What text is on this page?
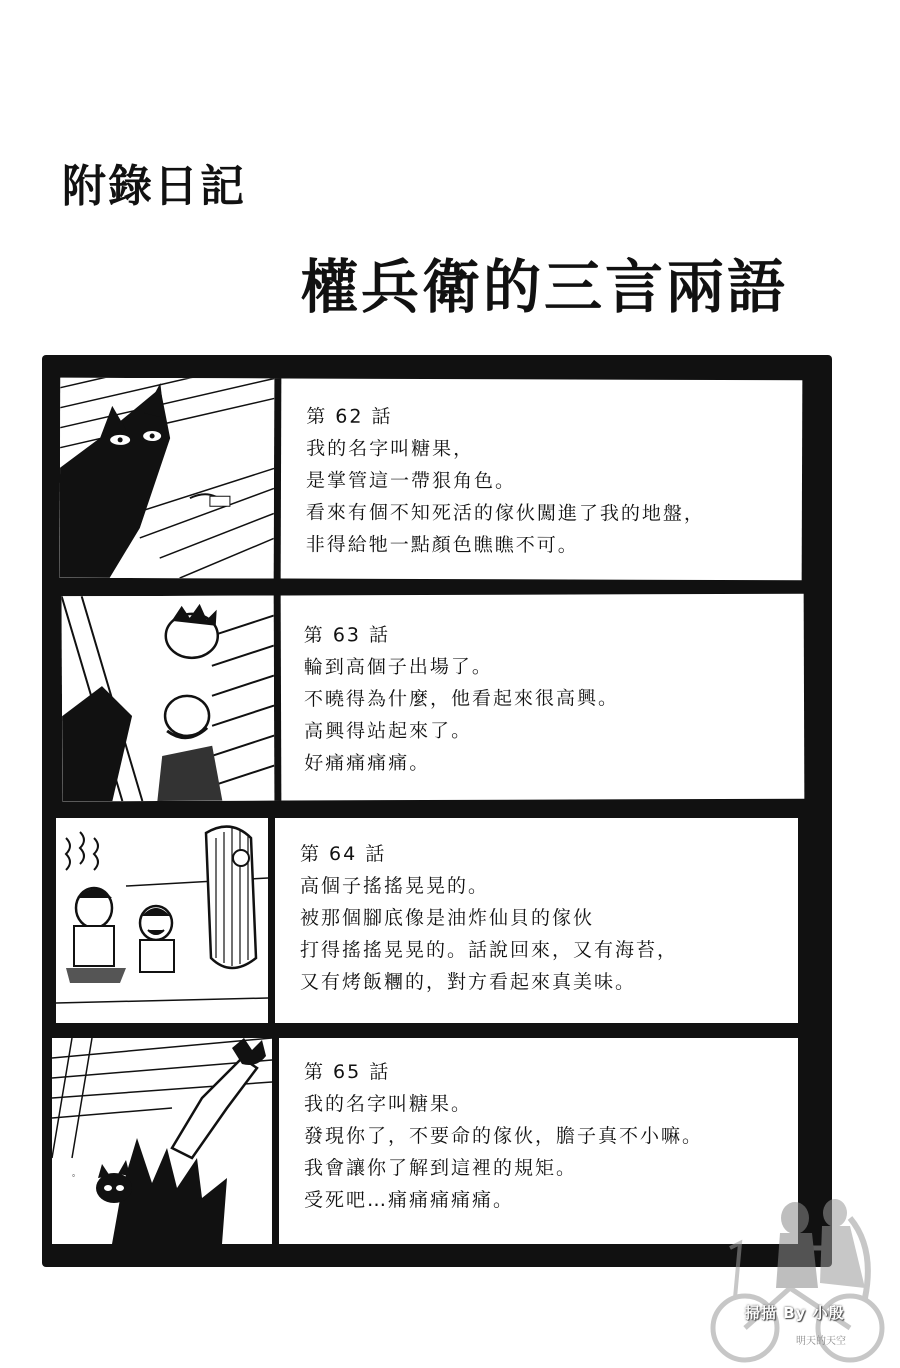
附錄日記
權兵衛的三言兩語
第 62 話
我的名字叫糖果，
是掌管這一帶狠角色。
看來有個不知死活的傢伙闖進了我的地盤，
非得給牠一點顏色瞧瞧不可。
第 63 話
輪到高個子出場了。
不曉得為什麼，他看起來很高興。
高興得站起來了。
好痛痛痛痛。
第 64 話
高個子搖搖晃晃的。
被那個腳底像是油炸仙貝的傢伙
打得搖搖晃晃的。話說回來，又有海苔，
又有烤飯糰的，對方看起來真美味。
ﾟ
第 65 話
我的名字叫糖果。
發現你了，不要命的傢伙，膽子真不小嘛。
我會讓你了解到這裡的規矩。
受死吧…痛痛痛痛痛。
掃描 By 小殷
明天的天空
